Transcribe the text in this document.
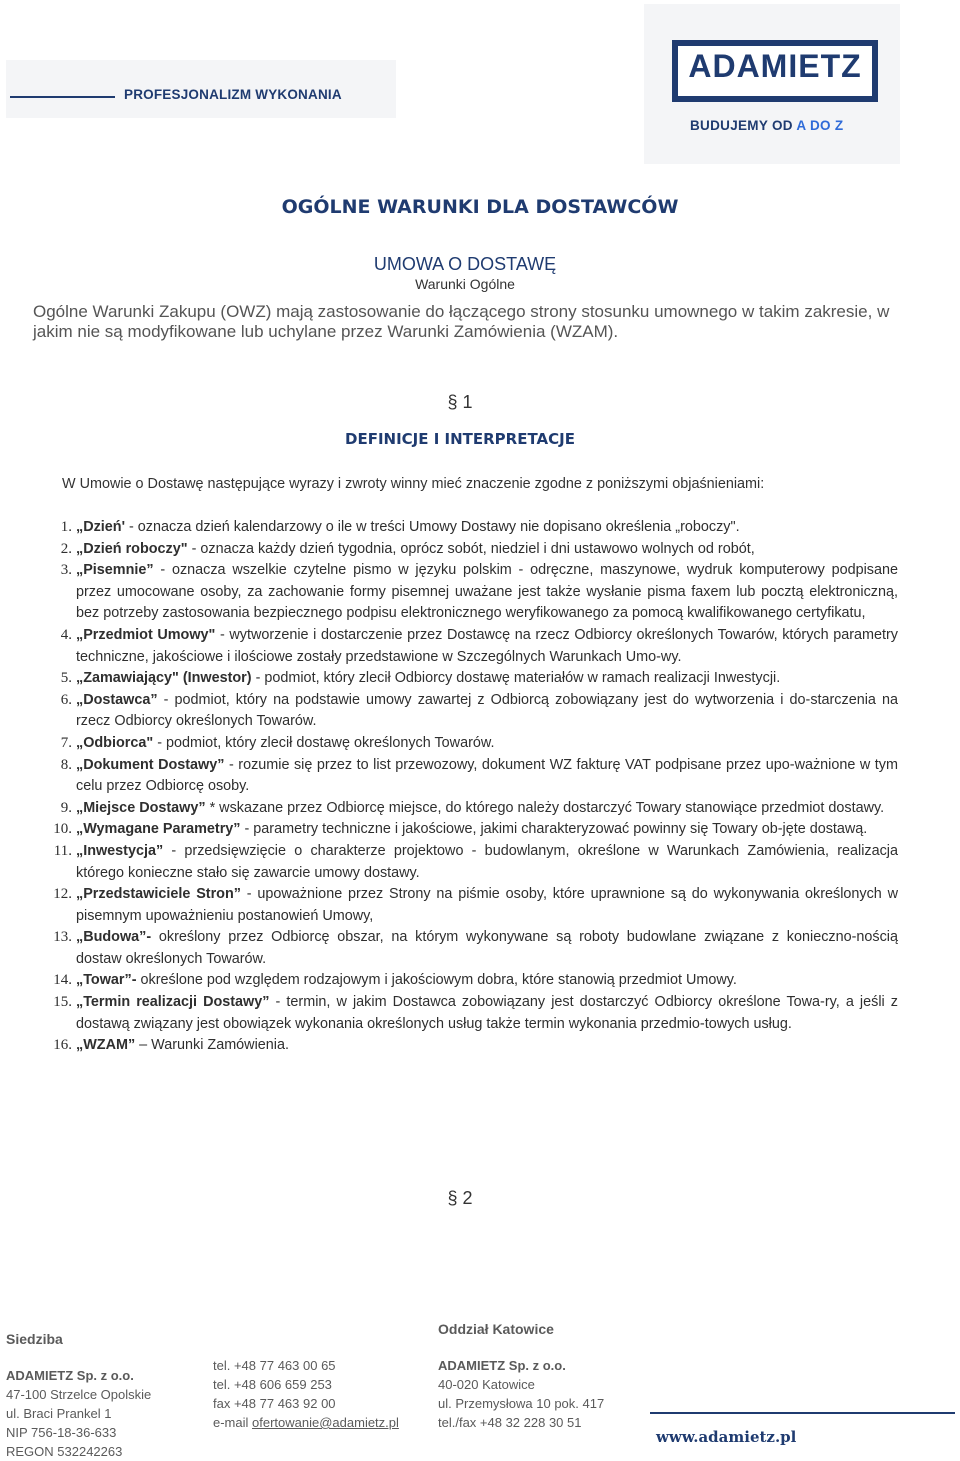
PROFESJONALIZM WYKONANIA
ADAMIETZ
BUDUJEMY OD A DO Z
OGÓLNE WARUNKI DLA DOSTAWCÓW
UMOWA O DOSTAWĘ
Warunki Ogólne
Ogólne Warunki Zakupu (OWZ) mają zastosowanie do łączącego strony stosunku umownego w takim zakresie, w jakim nie są modyfikowane lub uchylane przez Warunki Zamówienia (WZAM).
§ 1
DEFINICJE I INTERPRETACJE
W Umowie o Dostawę następujące wyrazy i zwroty winny mieć znaczenie zgodne z poniższymi objaśnieniami:
1. „Dzień' - oznacza dzień kalendarzowy o ile w treści Umowy Dostawy nie dopisano określenia „roboczy".
2. „Dzień roboczy" - oznacza każdy dzień tygodnia, oprócz sobót, niedziel i dni ustawowo wolnych od robót,
3. „Pisemnie” - oznacza wszelkie czytelne pismo w języku polskim - odręczne, maszynowe, wydruk komputerowy podpisane przez umocowane osoby, za zachowanie formy pisemnej uważane jest także wysłanie pisma faxem lub pocztą elektroniczną, bez potrzeby zastosowania bezpiecznego podpisu elektronicznego weryfikowanego za pomocą kwalifikowanego certyfikatu,
4. „Przedmiot Umowy" - wytworzenie i dostarczenie przez Dostawcę na rzecz Odbiorcy określonych Towarów, których parametry techniczne, jakościowe i ilościowe zostały przedstawione w Szczególnych Warunkach Umo-wy.
5. „Zamawiający" (Inwestor) - podmiot, który zlecił Odbiorcy dostawę materiałów w ramach realizacji Inwestycji.
6. „Dostawca” - podmiot, który na podstawie umowy zawartej z Odbiorcą zobowiązany jest do wytworzenia i do-starczenia na rzecz Odbiorcy określonych Towarów.
7. „Odbiorca" - podmiot, który zlecił dostawę określonych Towarów.
8. „Dokument Dostawy” - rozumie się przez to list przewozowy, dokument WZ fakturę VAT podpisane przez upo-ważnione w tym celu przez Odbiorcę osoby.
9. „Miejsce Dostawy” * wskazane przez Odbiorcę miejsce, do którego należy dostarczyć Towary stanowiące przedmiot dostawy.
10. „Wymagane Parametry” - parametry techniczne i jakościowe, jakimi charakteryzować powinny się Towary ob-jęte dostawą.
11. „Inwestycja” - przedsięwzięcie o charakterze projektowo - budowlanym, określone w Warunkach Zamówienia, realizacja którego konieczne stało się zawarcie umowy dostawy.
12. „Przedstawiciele Stron” - upoważnione przez Strony na piśmie osoby, które uprawnione są do wykonywania określonych w pisemnym upoważnieniu postanowień Umowy,
13. „Budowa”- określony przez Odbiorcę obszar, na którym wykonywane są roboty budowlane związane z konieczno-nością dostaw określonych Towarów.
14. „Towar”- określone pod względem rodzajowym i jakościowym dobra, które stanowią przedmiot Umowy.
15. „Termin realizacji Dostawy” - termin, w jakim Dostawca zobowiązany jest dostarczyć Odbiorcy określone Towa-ry, a jeśli z dostawą związany jest obowiązek wykonania określonych usług także termin wykonania przedmio-towych usług.
16. „WZAM” – Warunki Zamówienia.
§ 2
Siedziba
ADAMIETZ Sp. z o.o.
47-100 Strzelce Opolskie
ul. Braci Prankel 1
NIP 756-18-36-633
REGON 532242263
tel. +48 77 463 00 65
tel. +48 606 659 253
fax +48 77 463 92 00
e-mail ofertowanie@adamietz.pl
Oddział Katowice
ADAMIETZ Sp. z o.o.
40-020 Katowice
ul. Przemysłowa 10 pok. 417
tel./fax +48 32 228 30 51
www.adamietz.pl
